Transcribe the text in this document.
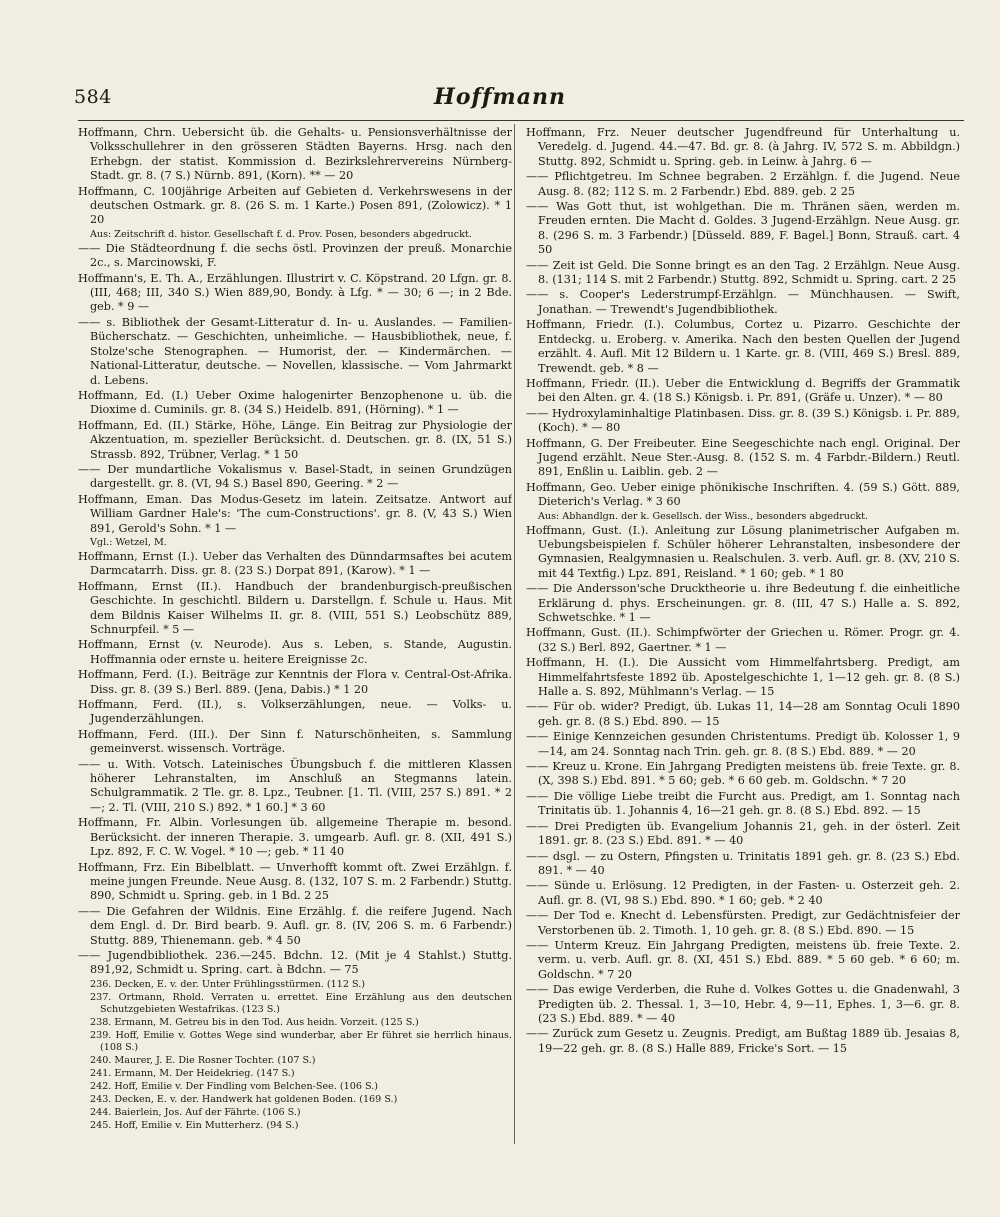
584	Hoffmann
Hoffmann, Chrn. Uebersicht üb. die Gehalts- u. Pensionsverhältnisse der Volksschullehrer in den grösseren Städten Bayerns. Hrsg. nach den Erhebgn. der statist. Kommission d. Bezirkslehrervereins Nürnberg-Stadt. gr. 8. (7 S.) Nürnb. 891, (Korn). ** — 20
Hoffmann, C. 100jährige Arbeiten auf Gebieten d. Verkehrswesens in der deutschen Ostmark. gr. 8. (26 S. m. 1 Karte.) Posen 891, (Zolowicz). * 1 20
Aus: Zeitschrift d. histor. Gesellschaft f. d. Prov. Posen, besonders abgedruckt.
—— Die Städteordnung f. die sechs östl. Provinzen der preuß. Monarchie 2c., s. Marcinowski, F.
Hoffmann's, E. Th. A., Erzählungen. Illustrirt v. C. Köpstrand. 20 Lfgn. gr. 8. (III, 468; III, 340 S.) Wien 889,90, Bondy. à Lfg. * — 30; 6 —; in 2 Bde. geb. * 9 —
—— s. Bibliothek der Gesamt-Litteratur d. In- u. Auslandes. — Familien-Bücherschatz. — Geschichten, unheimliche. — Hausbibliothek, neue, f. Stolze'sche Stenographen. — Humorist, der. — Kindermärchen. — National-Litteratur, deutsche. — Novellen, klassische. — Vom Jahrmarkt d. Lebens.
Hoffmann, Ed. (I.) Ueber Oxime halogenirter Benzophenone u. üb. die Dioxime d. Cuminils. gr. 8. (34 S.) Heidelb. 891, (Hörning). * 1 —
Hoffmann, Ed. (II.) Stärke, Höhe, Länge. Ein Beitrag zur Physiologie der Akzentuation, m. spezieller Berücksicht. d. Deutschen. gr. 8. (IX, 51 S.) Strassb. 892, Trübner, Verlag. * 1 50
—— Der mundartliche Vokalismus v. Basel-Stadt, in seinen Grundzügen dargestellt. gr. 8. (VI, 94 S.) Basel 890, Geering. * 2 —
Hoffmann, Eman. Das Modus-Gesetz im latein. Zeitsatze. Antwort auf William Gardner Hale's: 'The cum-Constructions'. gr. 8. (V, 43 S.) Wien 891, Gerold's Sohn. * 1 —
Vgl.: Wetzel, M.
Hoffmann, Ernst (I.). Ueber das Verhalten des Dünndarmsaftes bei acutem Darmcatarrh. Diss. gr. 8. (23 S.) Dorpat 891, (Karow). * 1 —
Hoffmann, Ernst (II.). Handbuch der brandenburgisch-preußischen Geschichte. In geschichtl. Bildern u. Darstellgn. f. Schule u. Haus. Mit dem Bildnis Kaiser Wilhelms II. gr. 8. (VIII, 551 S.) Leobschütz 889, Schnurpfeil. * 5 —
Hoffmann, Ernst (v. Neurode). Aus s. Leben, s. Stande, Augustin. Hoffmannia oder ernste u. heitere Ereignisse 2c.
Hoffmann, Ferd. (I.). Beiträge zur Kenntnis der Flora v. Central-Ost-Afrika. Diss. gr. 8. (39 S.) Berl. 889. (Jena, Dabis.) * 1 20
Hoffmann, Ferd. (II.), s. Volkserzählungen, neue. — Volks- u. Jugenderzählungen.
Hoffmann, Ferd. (III.). Der Sinn f. Naturschönheiten, s. Sammlung gemeinverst. wissensch. Vorträge.
—— u. With. Votsch. Lateinisches Übungsbuch f. die mittleren Klassen höherer Lehranstalten, im Anschluß an Stegmanns latein. Schulgrammatik. 2 Tle. gr. 8. Lpz., Teubner. [1. Tl. (VIII, 257 S.) 891. * 2 —; 2. Tl. (VIII, 210 S.) 892. * 1 60.] * 3 60
Hoffmann, Fr. Albin. Vorlesungen üb. allgemeine Therapie m. besond. Berücksicht. der inneren Therapie. 3. umgearb. Aufl. gr. 8. (XII, 491 S.) Lpz. 892, F. C. W. Vogel. * 10 —; geb. * 11 40
Hoffmann, Frz. Ein Bibelblatt. — Unverhofft kommt oft. Zwei Erzählgn. f. meine jungen Freunde. Neue Ausg. 8. (132, 107 S. m. 2 Farbendr.) Stuttg. 890, Schmidt u. Spring. geb. in 1 Bd. 2 25
—— Die Gefahren der Wildnis. Eine Erzählg. f. die reifere Jugend. Nach dem Engl. d. Dr. Bird bearb. 9. Aufl. gr. 8. (IV, 206 S. m. 6 Farbendr.) Stuttg. 889, Thienemann. geb. * 4 50
—— Jugendbibliothek. 236.—245. Bdchn. 12. (Mit je 4 Stahlst.) Stuttg. 891,92, Schmidt u. Spring. cart. à Bdchn. — 75
236. Decken, E. v. der. Unter Frühlingsstürmen. (112 S.)
237. Ortmann, Rhold. Verraten u. errettet. Eine Erzählung aus den deutschen Schutzgebieten Westafrikas. (123 S.)
238. Ermann, M. Getreu bis in den Tod. Aus heidn. Vorzeit. (125 S.)
239. Hoff, Emilie v. Gottes Wege sind wunderbar, aber Er führet sie herrlich hinaus. (108 S.)
240. Maurer, J. E. Die Rosner Tochter. (107 S.)
241. Ermann, M. Der Heidekrieg. (147 S.)
242. Hoff, Emilie v. Der Findling vom Belchen-See. (106 S.)
243. Decken, E. v. der. Handwerk hat goldenen Boden. (169 S.)
244. Baierlein, Jos. Auf der Fährte. (106 S.)
245. Hoff, Emilie v. Ein Mutterherz. (94 S.)
Hoffmann, Frz. Neuer deutscher Jugendfreund für Unterhaltung u. Veredelg. d. Jugend. 44.—47. Bd. gr. 8. (à Jahrg. IV, 572 S. m. Abbildgn.) Stuttg. 892, Schmidt u. Spring. geb. in Leinw. à Jahrg. 6 —
—— Pflichtgetreu. Im Schnee begraben. 2 Erzählgn. f. die Jugend. Neue Ausg. 8. (82; 112 S. m. 2 Farbendr.) Ebd. 889. geb. 2 25
—— Was Gott thut, ist wohlgethan. Die m. Thränen säen, werden m. Freuden ernten. Die Macht d. Goldes. 3 Jugend-Erzählgn. Neue Ausg. gr. 8. (296 S. m. 3 Farbendr.) [Düsseld. 889, F. Bagel.] Bonn, Strauß. cart. 4 50
—— Zeit ist Geld. Die Sonne bringt es an den Tag. 2 Erzählgn. Neue Ausg. 8. (131; 114 S. mit 2 Farbendr.) Stuttg. 892, Schmidt u. Spring. cart. 2 25
—— s. Cooper's Lederstrumpf-Erzählgn. — Münchhausen. — Swift, Jonathan. — Trewendt's Jugendbibliothek.
Hoffmann, Friedr. (I.). Columbus, Cortez u. Pizarro. Geschichte der Entdeckg. u. Eroberg. v. Amerika. Nach den besten Quellen der Jugend erzählt. 4. Aufl. Mit 12 Bildern u. 1 Karte. gr. 8. (VIII, 469 S.) Bresl. 889, Trewendt. geb. * 8 —
Hoffmann, Friedr. (II.). Ueber die Entwicklung d. Begriffs der Grammatik bei den Alten. gr. 4. (18 S.) Königsb. i. Pr. 891, (Gräfe u. Unzer). * — 80
—— Hydroxylaminhaltige Platinbasen. Diss. gr. 8. (39 S.) Königsb. i. Pr. 889, (Koch). * — 80
Hoffmann, G. Der Freibeuter. Eine Seegeschichte nach engl. Original. Der Jugend erzählt. Neue Ster.-Ausg. 8. (152 S. m. 4 Farbdr.-Bildern.) Reutl. 891, Enßlin u. Laiblin. geb. 2 —
Hoffmann, Geo. Ueber einige phönikische Inschriften. 4. (59 S.) Gött. 889, Dieterich's Verlag. * 3 60
Aus: Abhandlgn. der k. Gesellsch. der Wiss., besonders abgedruckt.
Hoffmann, Gust. (I.). Anleitung zur Lösung planimetrischer Aufgaben m. Uebungsbeispielen f. Schüler höherer Lehranstalten, insbesondere der Gymnasien, Realgymnasien u. Realschulen. 3. verb. Aufl. gr. 8. (XV, 210 S. mit 44 Textfig.) Lpz. 891, Reisland. * 1 60; geb. * 1 80
—— Die Andersson'sche Drucktheorie u. ihre Bedeutung f. die einheitliche Erklärung d. phys. Erscheinungen. gr. 8. (III, 47 S.) Halle a. S. 892, Schwetschke. * 1 —
Hoffmann, Gust. (II.). Schimpfwörter der Griechen u. Römer. Progr. gr. 4. (32 S.) Berl. 892, Gaertner. * 1 —
Hoffmann, H. (I.). Die Aussicht vom Himmelfahrtsberg. Predigt, am Himmelfahrtsfeste 1892 üb. Apostelgeschichte 1, 1—12 geh. gr. 8. (8 S.) Halle a. S. 892, Mühlmann's Verlag. — 15
—— Für ob. wider? Predigt, üb. Lukas 11, 14—28 am Sonntag Oculi 1890 geh. gr. 8. (8 S.) Ebd. 890. — 15
—— Einige Kennzeichen gesunden Christentums. Predigt üb. Kolosser 1, 9—14, am 24. Sonntag nach Trin. geh. gr. 8. (8 S.) Ebd. 889. * — 20
—— Kreuz u. Krone. Ein Jahrgang Predigten meistens üb. freie Texte. gr. 8. (X, 398 S.) Ebd. 891. * 5 60; geb. * 6 60 geb. m. Goldschn. * 7 20
—— Die völlige Liebe treibt die Furcht aus. Predigt, am 1. Sonntag nach Trinitatis üb. 1. Johannis 4, 16—21 geh. gr. 8. (8 S.) Ebd. 892. — 15
—— Drei Predigten üb. Evangelium Johannis 21, geh. in der österl. Zeit 1891. gr. 8. (23 S.) Ebd. 891. * — 40
—— dsgl. — zu Ostern, Pfingsten u. Trinitatis 1891 geh. gr. 8. (23 S.) Ebd. 891. * — 40
—— Sünde u. Erlösung. 12 Predigten, in der Fasten- u. Osterzeit geh. 2. Aufl. gr. 8. (VI, 98 S.) Ebd. 890. * 1 60; geb. * 2 40
—— Der Tod e. Knecht d. Lebensfürsten. Predigt, zur Gedächtnisfeier der Verstorbenen üb. 2. Timoth. 1, 10 geh. gr. 8. (8 S.) Ebd. 890. — 15
—— Unterm Kreuz. Ein Jahrgang Predigten, meistens üb. freie Texte. 2. verm. u. verb. Aufl. gr. 8. (XI, 451 S.) Ebd. 889. * 5 60 geb. * 6 60; m. Goldschn. * 7 20
—— Das ewige Verderben, die Ruhe d. Volkes Gottes u. die Gnadenwahl, 3 Predigten üb. 2. Thessal. 1, 3—10, Hebr. 4, 9—11, Ephes. 1, 3—6. gr. 8. (23 S.) Ebd. 889. * — 40
—— Zurück zum Gesetz u. Zeugnis. Predigt, am Bußtag 1889 üb. Jesaias 8, 19—22 geh. gr. 8. (8 S.) Halle 889, Fricke's Sort. — 15
